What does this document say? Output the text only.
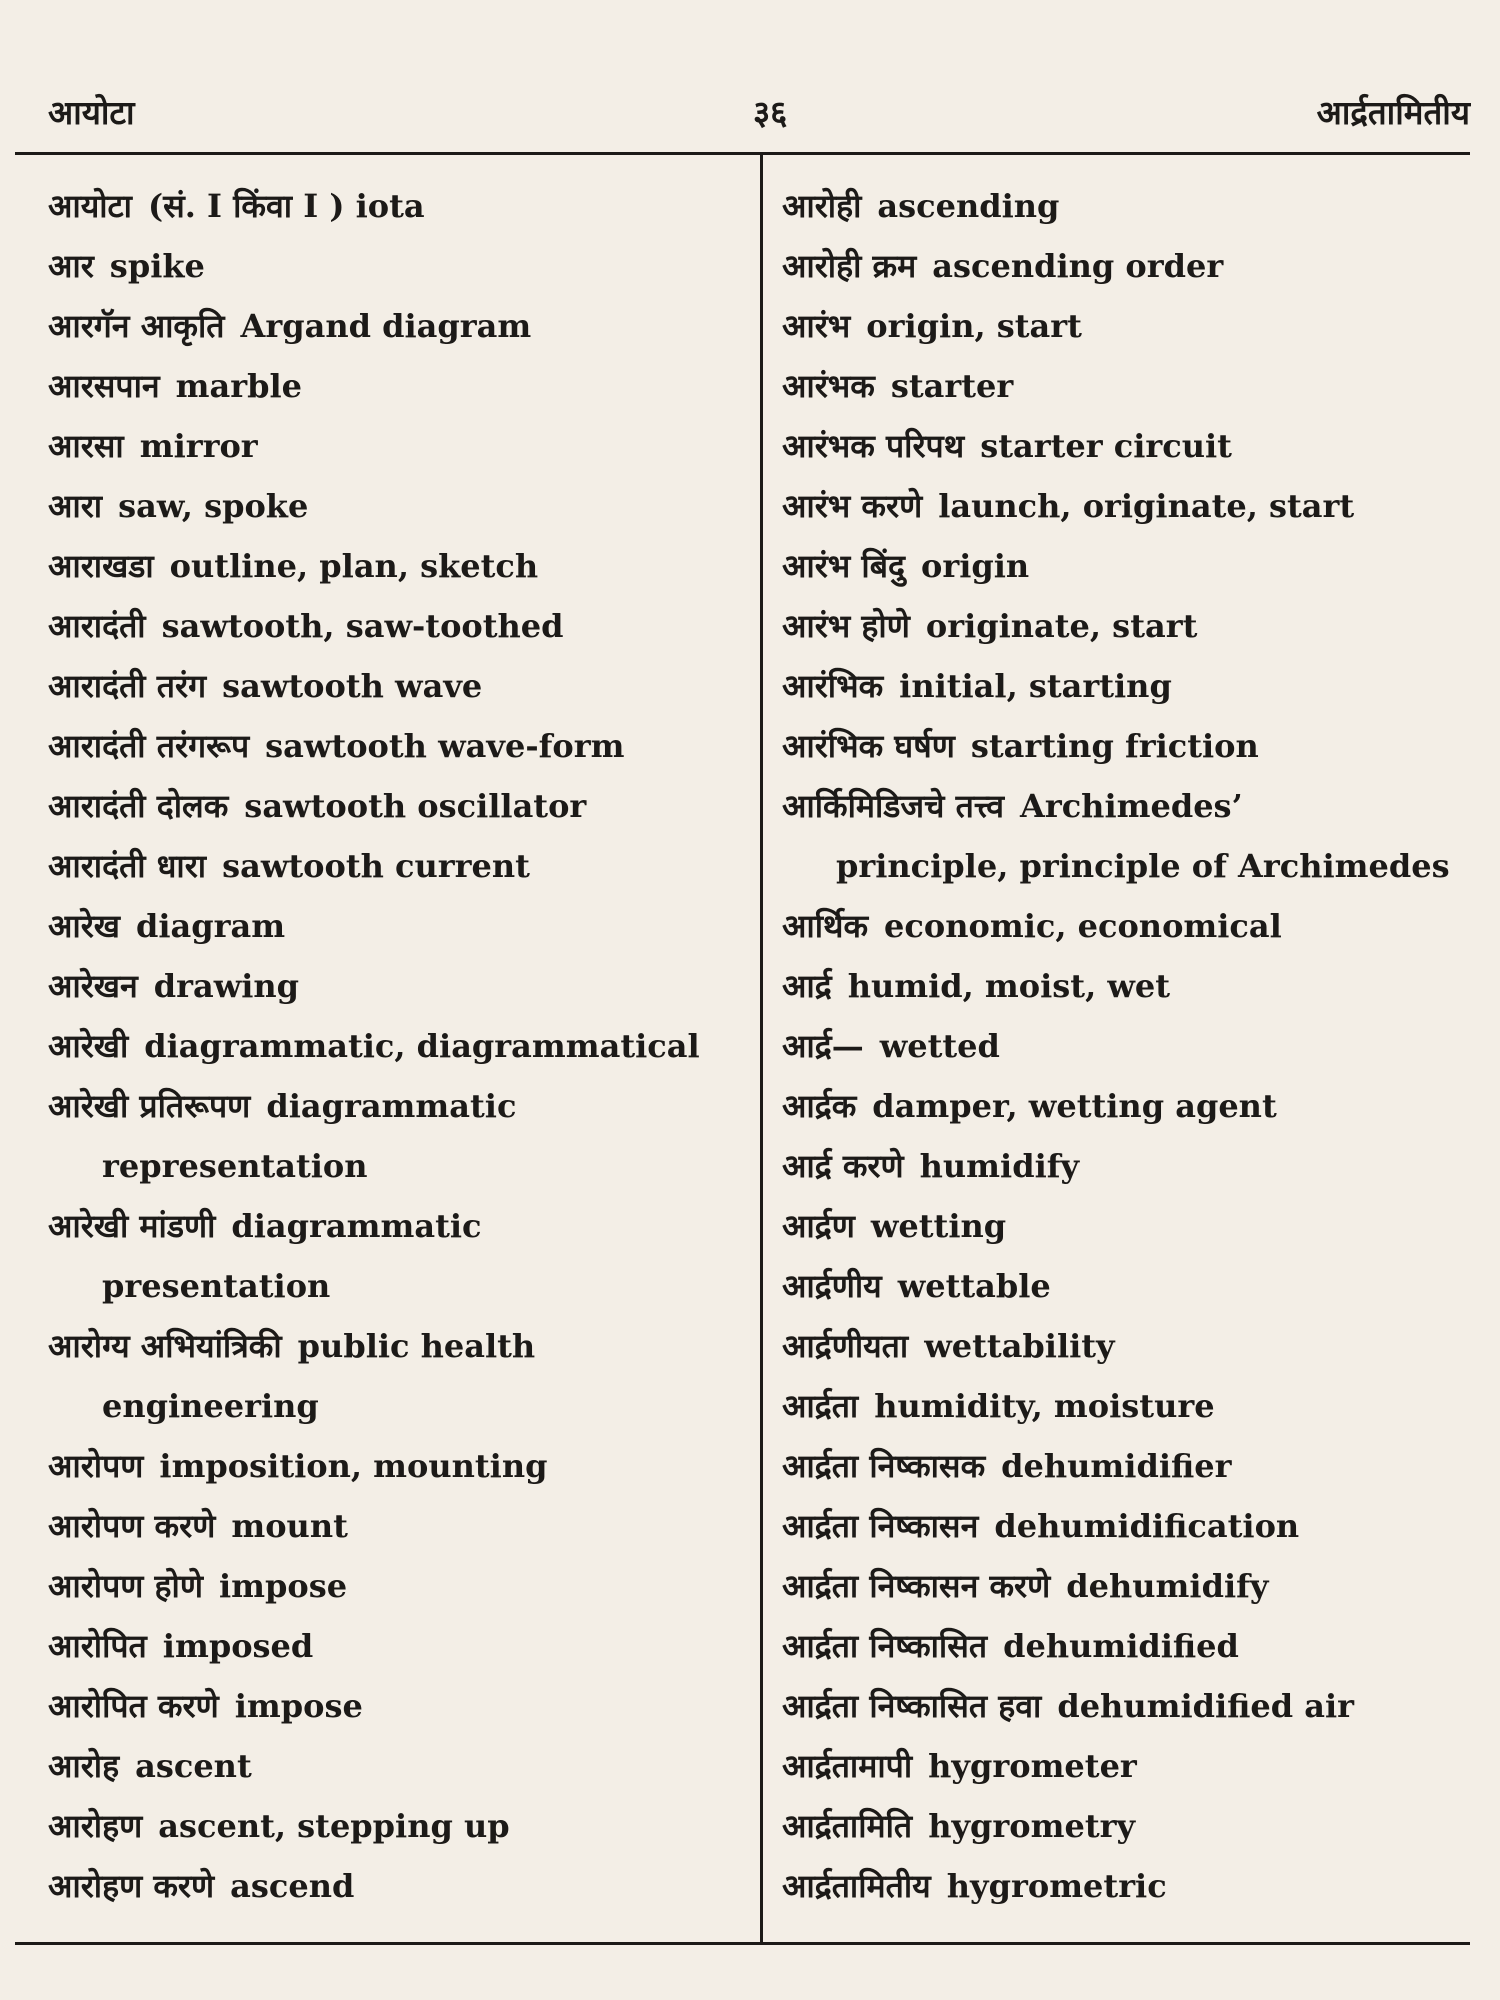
आयोटा	३६	आर्द्रतामितीय
आयोटा (सं. I किंवा I ) iota
आर spike
आरगॅन आकृति Argand diagram
आरसपान marble
आरसा mirror
आरा saw, spoke
आराखडा outline, plan, sketch
आरादंती sawtooth, saw-toothed
आरादंती तरंग sawtooth wave
आरादंती तरंगरूप sawtooth wave-form
आरादंती दोलक sawtooth oscillator
आरादंती धारा sawtooth current
आरेख diagram
आरेखन drawing
आरेखी diagrammatic, diagrammatical
आरेखी प्रतिरूपण diagrammatic
representation
आरेखी मांडणी diagrammatic
presentation
आरोग्य अभियांत्रिकी public health
engineering
आरोपण imposition, mounting
आरोपण करणे mount
आरोपण होणे impose
आरोपित imposed
आरोपित करणे impose
आरोह ascent
आरोहण ascent, stepping up
आरोहण करणे ascend
आरोही ascending
आरोही क्रम ascending order
आरंभ origin, start
आरंभक starter
आरंभक परिपथ starter circuit
आरंभ करणे launch, originate, start
आरंभ बिंदु origin
आरंभ होणे originate, start
आरंभिक initial, starting
आरंभिक घर्षण starting friction
आर्किमिडिजचे तत्त्व Archimedes’
principle, principle of Archimedes
आर्थिक economic, economical
आर्द्र humid, moist, wet
आर्द्र— wetted
आर्द्रक damper, wetting agent
आर्द्र करणे humidify
आर्द्रण wetting
आर्द्रणीय wettable
आर्द्रणीयता wettability
आर्द्रता humidity, moisture
आर्द्रता निष्कासक dehumidifier
आर्द्रता निष्कासन dehumidification
आर्द्रता निष्कासन करणे dehumidify
आर्द्रता निष्कासित dehumidified
आर्द्रता निष्कासित हवा dehumidified air
आर्द्रतामापी hygrometer
आर्द्रतामिति hygrometry
आर्द्रतामितीय hygrometric
